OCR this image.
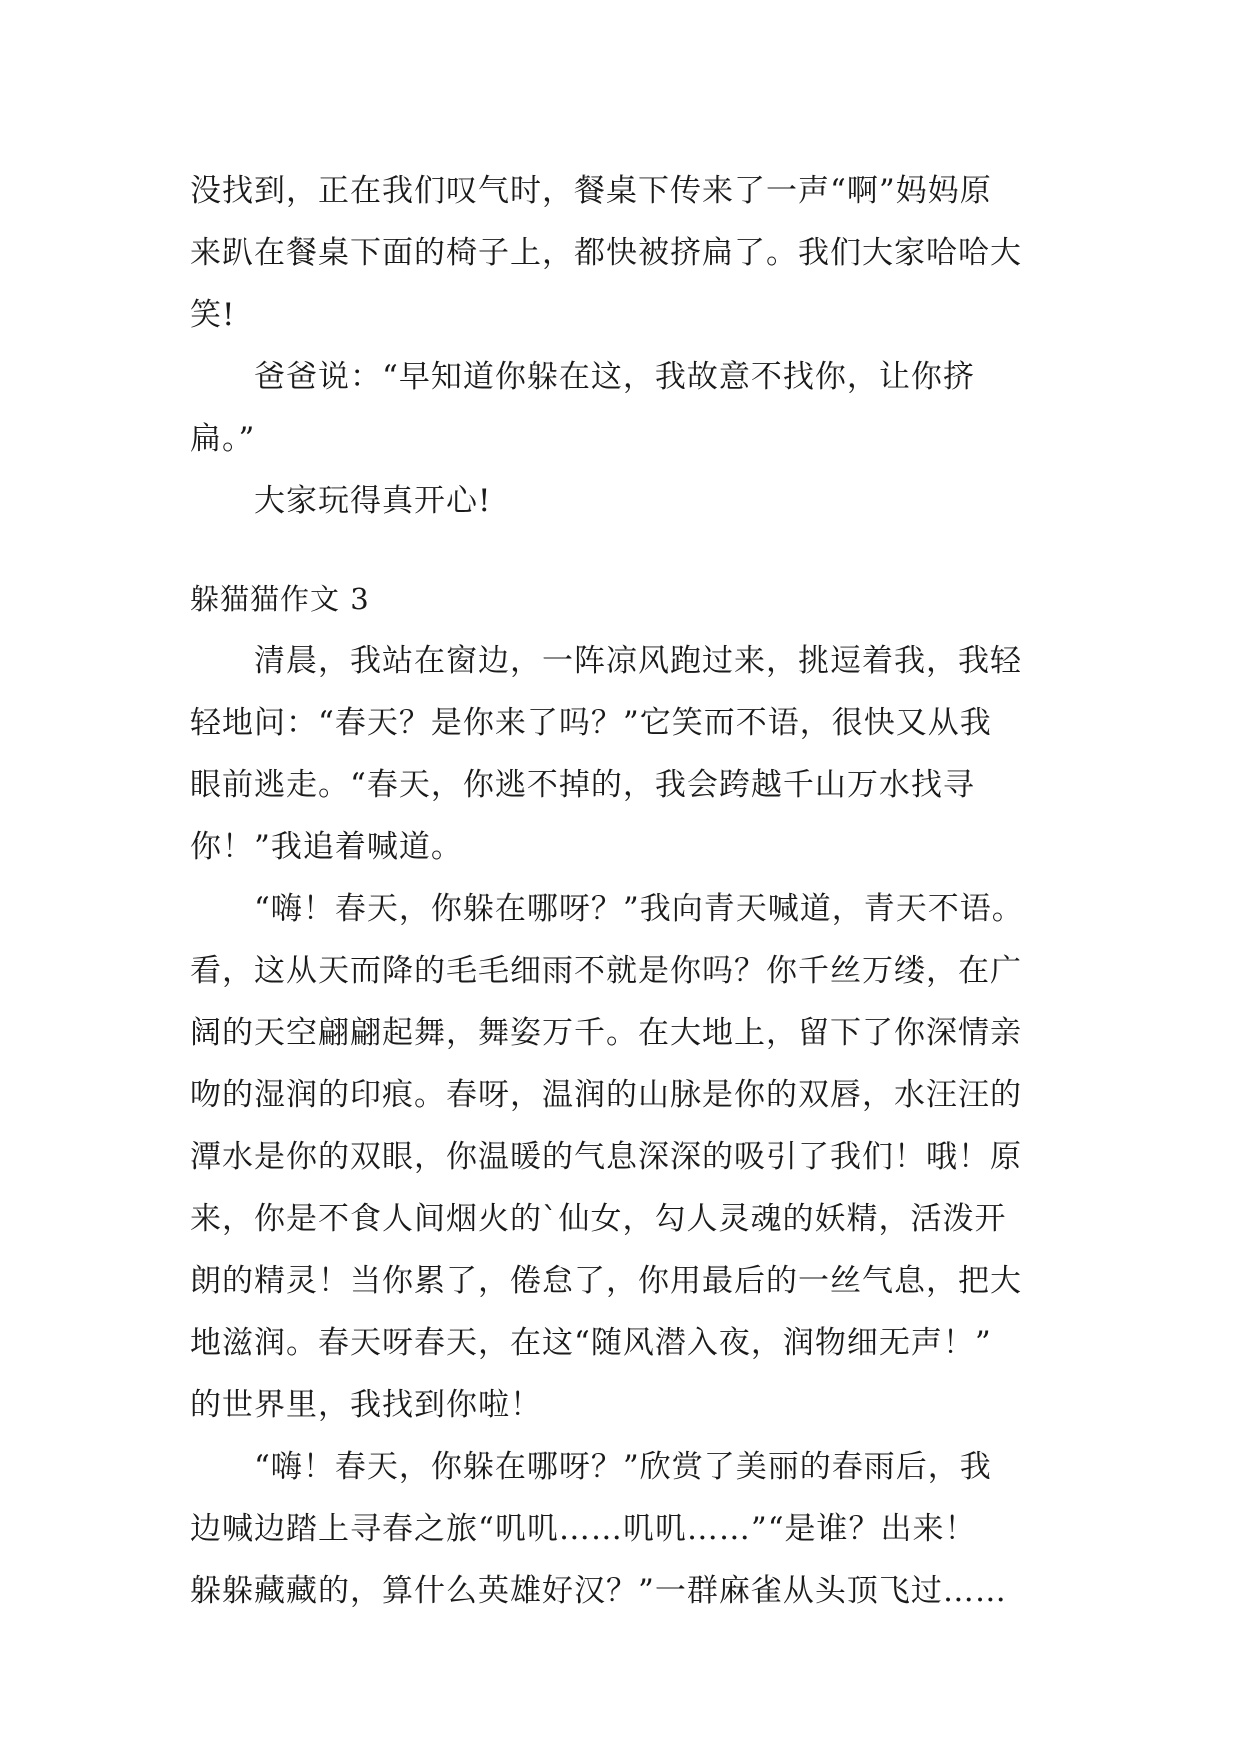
没找到，正在我们叹气时，餐桌下传来了一声“啊”妈妈原
来趴在餐桌下面的椅子上，都快被挤扁了。我们大家哈哈大
笑!
爸爸说：“早知道你躲在这，我故意不找你，让你挤
扁。”
大家玩得真开心!
躲猫猫作文 3
清晨，我站在窗边，一阵凉风跑过来，挑逗着我，我轻
轻地问：“春天？是你来了吗？”它笑而不语，很快又从我
眼前逃走。“春天，你逃不掉的，我会跨越千山万水找寻
你！”我追着喊道。
“嗨！春天，你躲在哪呀？”我向青天喊道，青天不语。
看，这从天而降的毛毛细雨不就是你吗？你千丝万缕，在广
阔的天空翩翩起舞，舞姿万千。在大地上，留下了你深情亲
吻的湿润的印痕。春呀，温润的山脉是你的双唇，水汪汪的
潭水是你的双眼，你温暖的气息深深的吸引了我们！哦！原
来，你是不食人间烟火的`仙女，勾人灵魂的妖精，活泼开
朗的精灵！当你累了，倦怠了，你用最后的一丝气息，把大
地滋润。春天呀春天，在这“随风潜入夜，润物细无声！”
的世界里，我找到你啦！
“嗨！春天，你躲在哪呀？”欣赏了美丽的春雨后，我
边喊边踏上寻春之旅“叽叽……叽叽……”“是谁？出来！
躲躲藏藏的，算什么英雄好汉？”一群麻雀从头顶飞过……
